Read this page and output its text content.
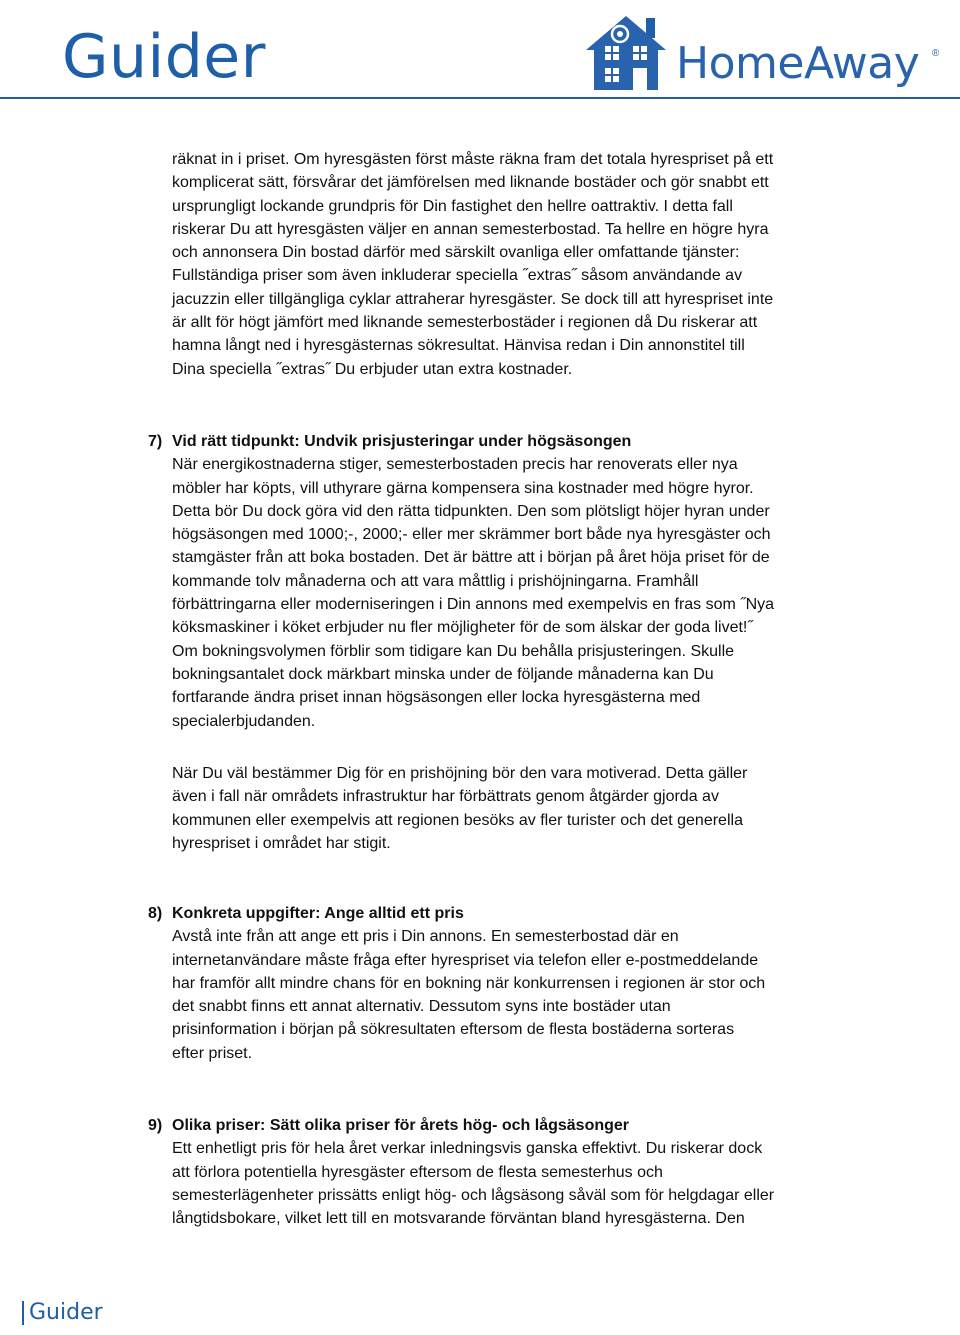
Guider	HomeAway ®

räknat in i priset. Om hyresgästen först måste räkna fram det totala hyrespriset på ett

komplicerat sätt, försvårar det jämförelsen med liknande bostäder och gör snabbt ett

ursprungligt lockande grundpris för Din fastighet den hellre oattraktiv. I detta fall

riskerar Du att hyresgästen väljer en annan semesterbostad. Ta hellre en högre hyra

och annonsera Din bostad därför med särskilt ovanliga eller omfattande tjänster:

Fullständiga priser som även inkluderar speciella ˝extras˝ såsom användande av

jacuzzin eller tillgängliga cyklar attraherar hyresgäster. Se dock till att hyrespriset inte

är allt för högt jämfört med liknande semesterbostäder i regionen då Du riskerar att

hamna långt ned i hyresgästernas sökresultat. Hänvisa redan i Din annonstitel till

Dina speciella ˝extras˝ Du erbjuder utan extra kostnader.

7) Vid rätt tidpunkt: Undvik prisjusteringar under högsäsongen

När energikostnaderna stiger, semesterbostaden precis har renoverats eller nya

möbler har köpts, vill uthyrare gärna kompensera sina kostnader med högre hyror.

Detta bör Du dock göra vid den rätta tidpunkten. Den som plötsligt höjer hyran under

högsäsongen med 1000;-, 2000;- eller mer skrämmer bort både nya hyresgäster och

stamgäster från att boka bostaden. Det är bättre att i början på året höja priset för de

kommande tolv månaderna och att vara måttlig i prishöjningarna. Framhåll

förbättringarna eller moderniseringen i Din annons med exempelvis en fras som ˝Nya

köksmaskiner i köket erbjuder nu fler möjligheter för de som älskar der goda livet!˝

Om bokningsvolymen förblir som tidigare kan Du behålla prisjusteringen. Skulle

bokningsantalet dock märkbart minska under de följande månaderna kan Du

fortfarande ändra priset innan högsäsongen eller locka hyresgästerna med

specialerbjudanden.

När Du väl bestämmer Dig för en prishöjning bör den vara motiverad. Detta gäller

även i fall när områdets infrastruktur har förbättrats genom åtgärder gjorda av

kommunen eller exempelvis att regionen besöks av fler turister och det generella

hyrespriset i området har stigit.

8) Konkreta uppgifter: Ange alltid ett pris

Avstå inte från att ange ett pris i Din annons. En semesterbostad där en

internetanvändare måste fråga efter hyrespriset via telefon eller e-postmeddelande

har framför allt mindre chans för en bokning när konkurrensen i regionen är stor och

det snabbt finns ett annat alternativ. Dessutom syns inte bostäder utan

prisinformation i början på sökresultaten eftersom de flesta bostäderna sorteras

efter priset.

9) Olika priser: Sätt olika priser för årets hög- och lågsäsonger

Ett enhetligt pris för hela året verkar inledningsvis ganska effektivt. Du riskerar dock

att förlora potentiella hyresgäster eftersom de flesta semesterhus och

semesterlägenheter prissätts enligt hög- och lågsäsong såväl som för helgdagar eller

långtidsbokare, vilket lett till en motsvarande förväntan bland hyresgästerna. Den

Guider
